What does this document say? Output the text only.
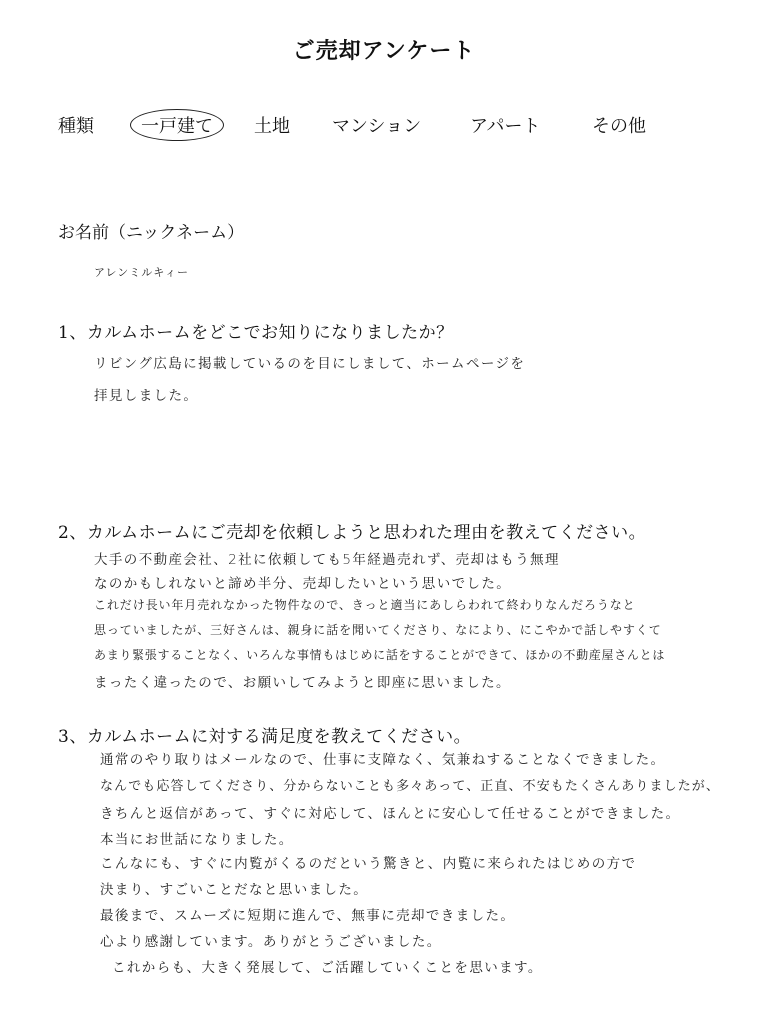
ご売却アンケート
種類	一戸建て	土地 マンション	アパート	その他
お名前（ニックネーム）
アレンミルキィー
1、カルムホームをどこでお知りになりましたか？
リビング広島に掲載しているのを目にしまして、ホームページを
拝見しました。
2、カルムホームにご売却を依頼しようと思われた理由を教えてください。
大手の不動産会社、2社に依頼しても5年経過売れず、売却はもう無理
なのかもしれないと諦め半分、売却したいという思いでした。
これだけ長い年月売れなかった物件なので、きっと適当にあしらわれて終わりなんだろうなと
思っていましたが、三好さんは、親身に話を聞いてくださり、なにより、にこやかで話しやすくて
あまり緊張することなく、いろんな事情もはじめに話をすることができて、ほかの不動産屋さんとは
まったく違ったので、お願いしてみようと即座に思いました。
3、カルムホームに対する満足度を教えてください。
通常のやり取りはメールなので、仕事に支障なく、気兼ねすることなくできました。
なんでも応答してくださり、分からないことも多々あって、正直、不安もたくさんありましたが、
きちんと返信があって、すぐに対応して、ほんとに安心して任せることができました。
本当にお世話になりました。
こんなにも、すぐに内覧がくるのだという驚きと、内覧に来られたはじめの方で
決まり、すごいことだなと思いました。
最後まで、スムーズに短期に進んで、無事に売却できました。
心より感謝しています。ありがとうございました。
これからも、大きく発展して、ご活躍していくことを思います。
